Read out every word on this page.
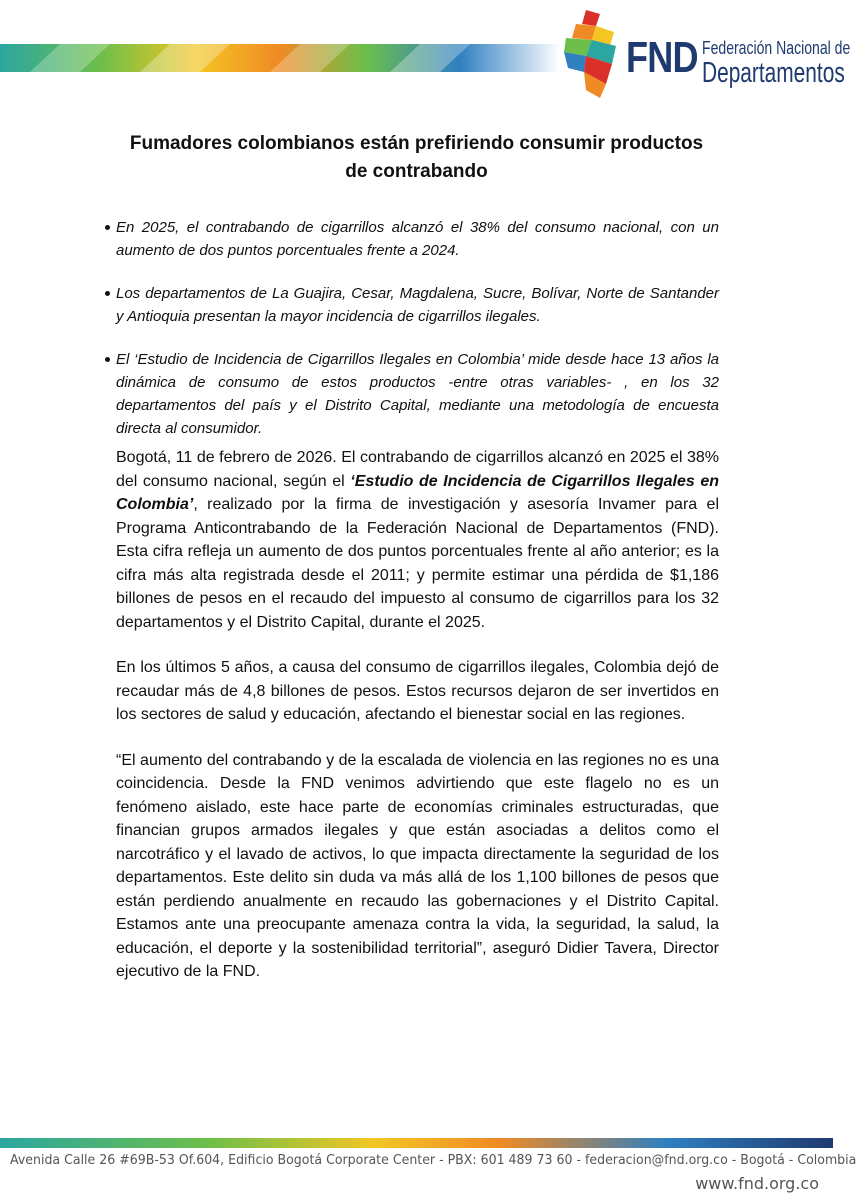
FND Federación Nacional de
Departamentos
Fumadores colombianos están prefiriendo consumir productos
de contrabando
En 2025, el contrabando de cigarrillos alcanzó el 38% del consumo nacional, con un aumento de dos puntos porcentuales frente a 2024.
Los departamentos de La Guajira, Cesar, Magdalena, Sucre, Bolívar, Norte de Santander y Antioquia presentan la mayor incidencia de cigarrillos ilegales.
El ‘Estudio de Incidencia de Cigarrillos Ilegales en Colombia’ mide desde hace 13 años la dinámica de consumo de estos productos -entre otras variables- , en los 32 departamentos del país y el Distrito Capital, mediante una metodología de encuesta directa al consumidor.

Bogotá, 11 de febrero de 2026. El contrabando de cigarrillos alcanzó en 2025 el 38% del consumo nacional, según el ‘Estudio de Incidencia de Cigarrillos Ilegales en Colombia’, realizado por la firma de investigación y asesoría Invamer para el Programa Anticontrabando de la Federación Nacional de Departamentos (FND). Esta cifra refleja un aumento de dos puntos porcentuales frente al año anterior; es la cifra más alta registrada desde el 2011; y permite estimar una pérdida de $1,186 billones de pesos en el recaudo del impuesto al consumo de cigarrillos para los 32 departamentos y el Distrito Capital, durante el 2025.

En los últimos 5 años, a causa del consumo de cigarrillos ilegales, Colombia dejó de recaudar más de 4,8 billones de pesos. Estos recursos dejaron de ser invertidos en los sectores de salud y educación, afectando el bienestar social en las regiones.

“El aumento del contrabando y de la escalada de violencia en las regiones no es una coincidencia. Desde la FND venimos advirtiendo que este flagelo no es un fenómeno aislado, este hace parte de economías criminales estructuradas, que financian grupos armados ilegales y que están asociadas a delitos como el narcotráfico y el lavado de activos, lo que impacta directamente la seguridad de los departamentos. Este delito sin duda va más allá de los 1,100 billones de pesos que están perdiendo anualmente en recaudo las gobernaciones y el Distrito Capital. Estamos ante una preocupante amenaza contra la vida, la seguridad, la salud, la educación, el deporte y la sostenibilidad territorial”, aseguró Didier Tavera, Director ejecutivo de la FND.

Avenida Calle 26 #69B-53 Of.604, Edificio Bogotá Corporate Center - PBX: 601 489 73 60 - federacion@fnd.org.co - Bogotá - Colombia
www.fnd.org.co
